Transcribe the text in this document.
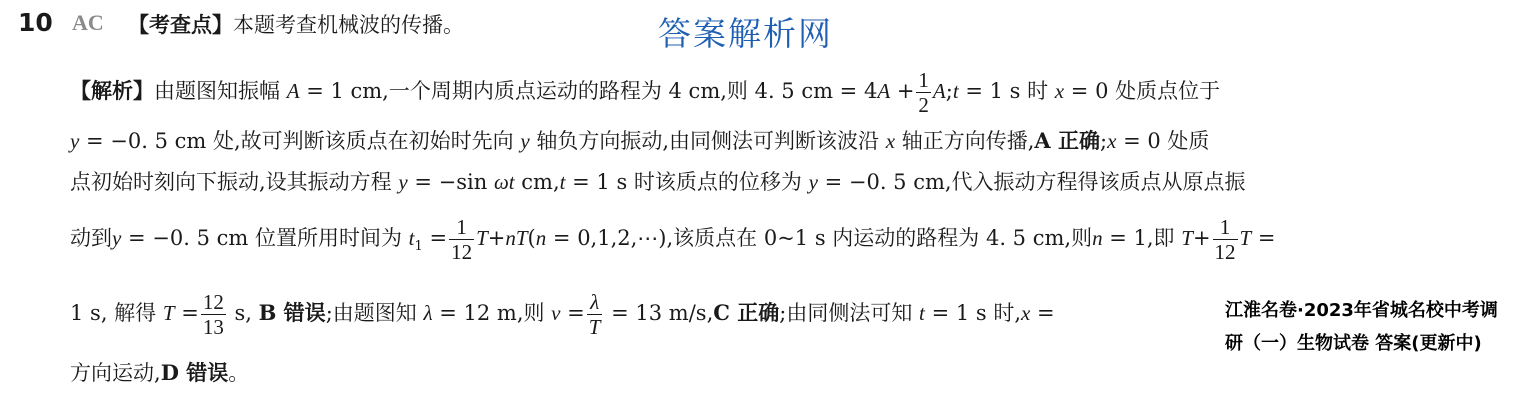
10 AC 【考查点】本题考查机械波的传播。	答案解析网
【解析】由题图知振幅 A = 1 cm,一个周期内质点运动的路程为 4 cm,则 4. 5 cm = $4A + \frac{1}{2}$ A;t = 1 s 时 x = 0 处质点位于
y = −0. 5 cm 处,故可判断该质点在初始时先向 y 轴负方向振动,由同侧法可判断该波沿 x 轴正方向传播,A 正确;x = 0 处质
点初始时刻向下振动,设其振动方程 y = −sin ωt cm,t = 1 s 时该质点的位移为 y = −0. 5 cm,代入振动方程得该质点从原点振
动到y = −0. 5 cm 位置所用时间为 $t_1 = \frac{1}{12} T+nT(n$ = 0,1,2,⋯),该质点在 0~1 s 内运动的路程为 4. 5 cm,则n = 1,即 $T+ \frac{1}{12}$ T =
1 s, 解得 $T = \frac{12}{13} s$, B 错误;由题图知 λ = 12 m,则 $v = \frac{\lambda}{T} = 13$ m/s,C 正确;由同侧法可知 t = 1 s 时,x =
方向运动,D 错误。
江淮名卷·2023年省城名校中考调研（一）生物试卷 答案(更新中)
